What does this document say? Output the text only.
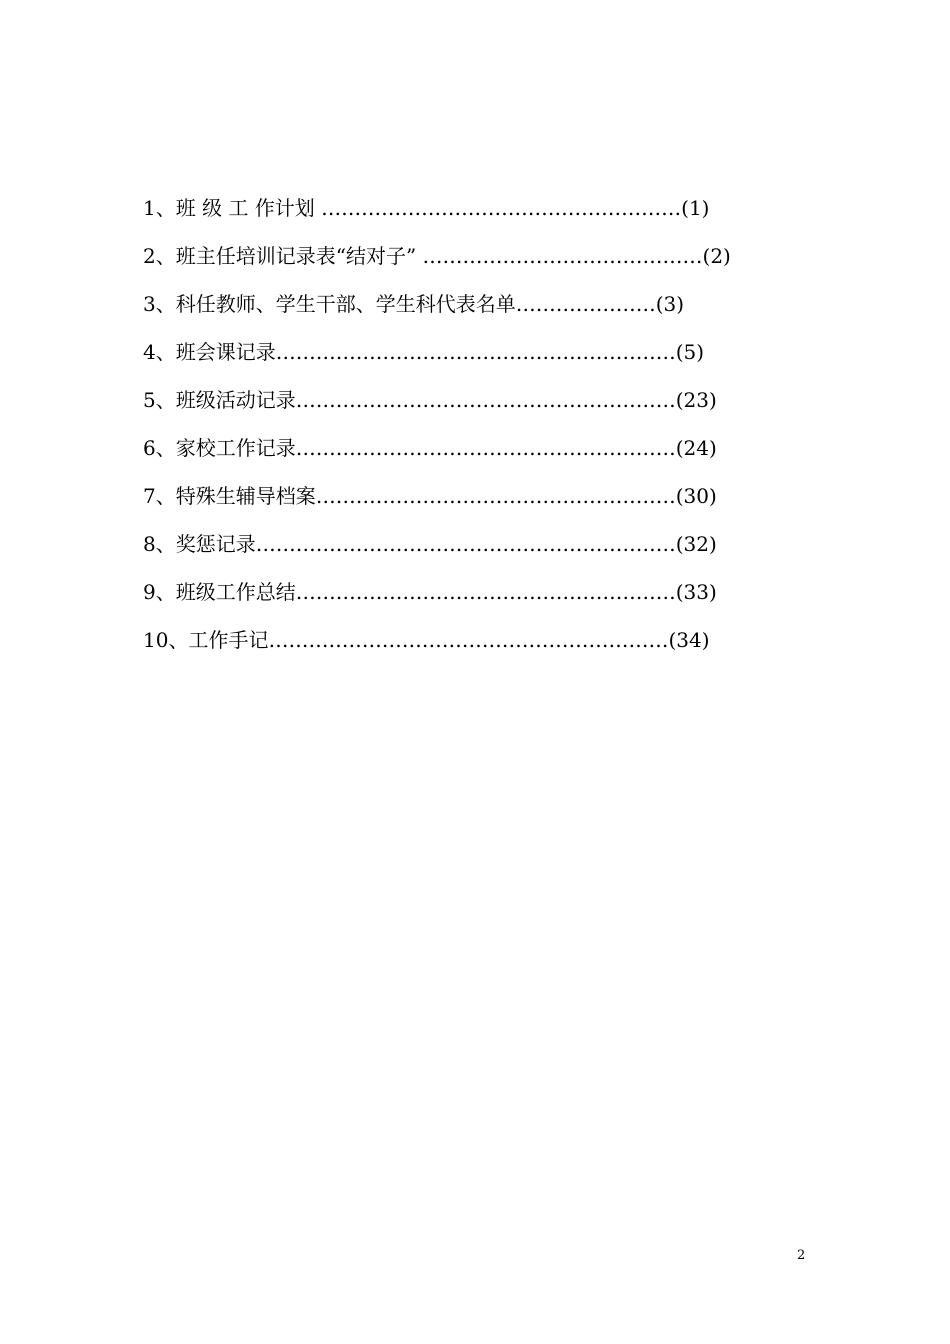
1、班 级 工 作计划 ………………………………………………(1)
2、班主任培训记录表“结对子” ……………………………………(2)
3、科任教师、学生干部、学生科代表名单…………………(3)
4、班会课记录……………………………………………………(5)
5、班级活动记录…………………………………………………(23)
6、家校工作记录…………………………………………………(24)
7、特殊生辅导档案………………………………………………(30)
8、奖惩记录………………………………………………………(32)
9、班级工作总结…………………………………………………(33)
10、工作手记……………………………………………………(34)
2
